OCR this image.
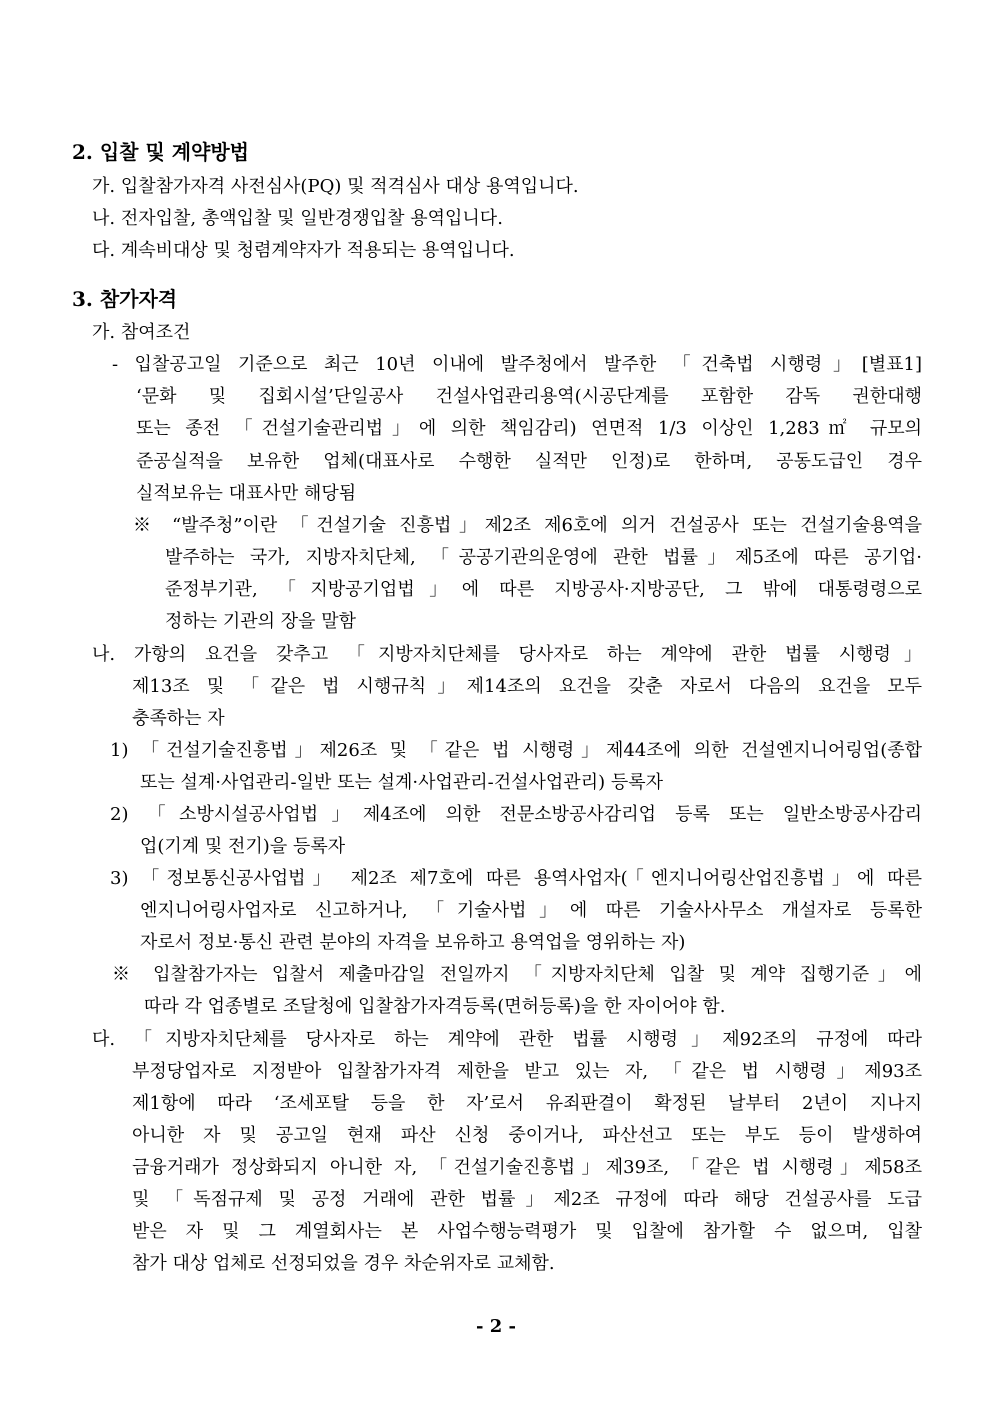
2. 입찰 및 계약방법
가. 입찰참가자격 사전심사(PQ) 및 적격심사 대상 용역입니다.
나. 전자입찰, 총액입찰 및 일반경쟁입찰 용역입니다.
다. 계속비대상 및 청렴계약자가 적용되는 용역입니다.
3. 참가자격
가. 참여조건
- 입찰공고일 기준으로 최근 10년 이내에 발주청에서 발주한 「건축법 시행령」[별표1]
‘문화 및 집회시설’단일공사 건설사업관리용역(시공단계를 포함한 감독 권한대행
또는 종전 「건설기술관리법」에 의한 책임감리) 연면적 1/3 이상인 1,283㎡ 규모의
준공실적을 보유한 업체(대표사로 수행한 실적만 인정)로 한하며, 공동도급인 경우
실적보유는 대표사만 해당됨
※ “발주청”이란 「건설기술 진흥법」제2조 제6호에 의거 건설공사 또는 건설기술용역을
발주하는 국가, 지방자치단체, 「공공기관의운영에 관한 법률」제5조에 따른 공기업·
준정부기관, 「지방공기업법」에 따른 지방공사·지방공단, 그 밖에 대통령령으로
정하는 기관의 장을 말함
나. 가항의 요건을 갖추고 「지방자치단체를 당사자로 하는 계약에 관한 법률 시행령」
제13조 및 「같은 법 시행규칙」제14조의 요건을 갖춘 자로서 다음의 요건을 모두
충족하는 자
1) 「건설기술진흥법」제26조 및 「같은 법 시행령」제44조에 의한 건설엔지니어링업(종합
또는 설계·사업관리-일반 또는 설계·사업관리-건설사업관리) 등록자
2) 「소방시설공사업법」제4조에 의한 전문소방공사감리업 등록 또는 일반소방공사감리
업(기계 및 전기)을 등록자
3) 「정보통신공사업법」 제2조 제7호에 따른 용역사업자(「엔지니어링산업진흥법」에 따른
엔지니어링사업자로 신고하거나, 「기술사법」에 따른 기술사사무소 개설자로 등록한
자로서 정보·통신 관련 분야의 자격을 보유하고 용역업을 영위하는 자)
※ 입찰참가자는 입찰서 제출마감일 전일까지 「지방자치단체 입찰 및 계약 집행기준」에
따라 각 업종별로 조달청에 입찰참가자격등록(면허등록)을 한 자이어야 함.
다. 「지방자치단체를 당사자로 하는 계약에 관한 법률 시행령」제92조의 규정에 따라
부정당업자로 지정받아 입찰참가자격 제한을 받고 있는 자, 「같은 법 시행령」제93조
제1항에 따라 ‘조세포탈 등을 한 자’로서 유죄판결이 확정된 날부터 2년이 지나지
아니한 자 및 공고일 현재 파산 신청 중이거나, 파산선고 또는 부도 등이 발생하여
금융거래가 정상화되지 아니한 자, 「건설기술진흥법」제39조, 「같은 법 시행령」제58조
및 「독점규제 및 공정 거래에 관한 법률」제2조 규정에 따라 해당 건설공사를 도급
받은 자 및 그 계열회사는 본 사업수행능력평가 및 입찰에 참가할 수 없으며, 입찰
참가 대상 업체로 선정되었을 경우 차순위자로 교체함.
- 2 -
